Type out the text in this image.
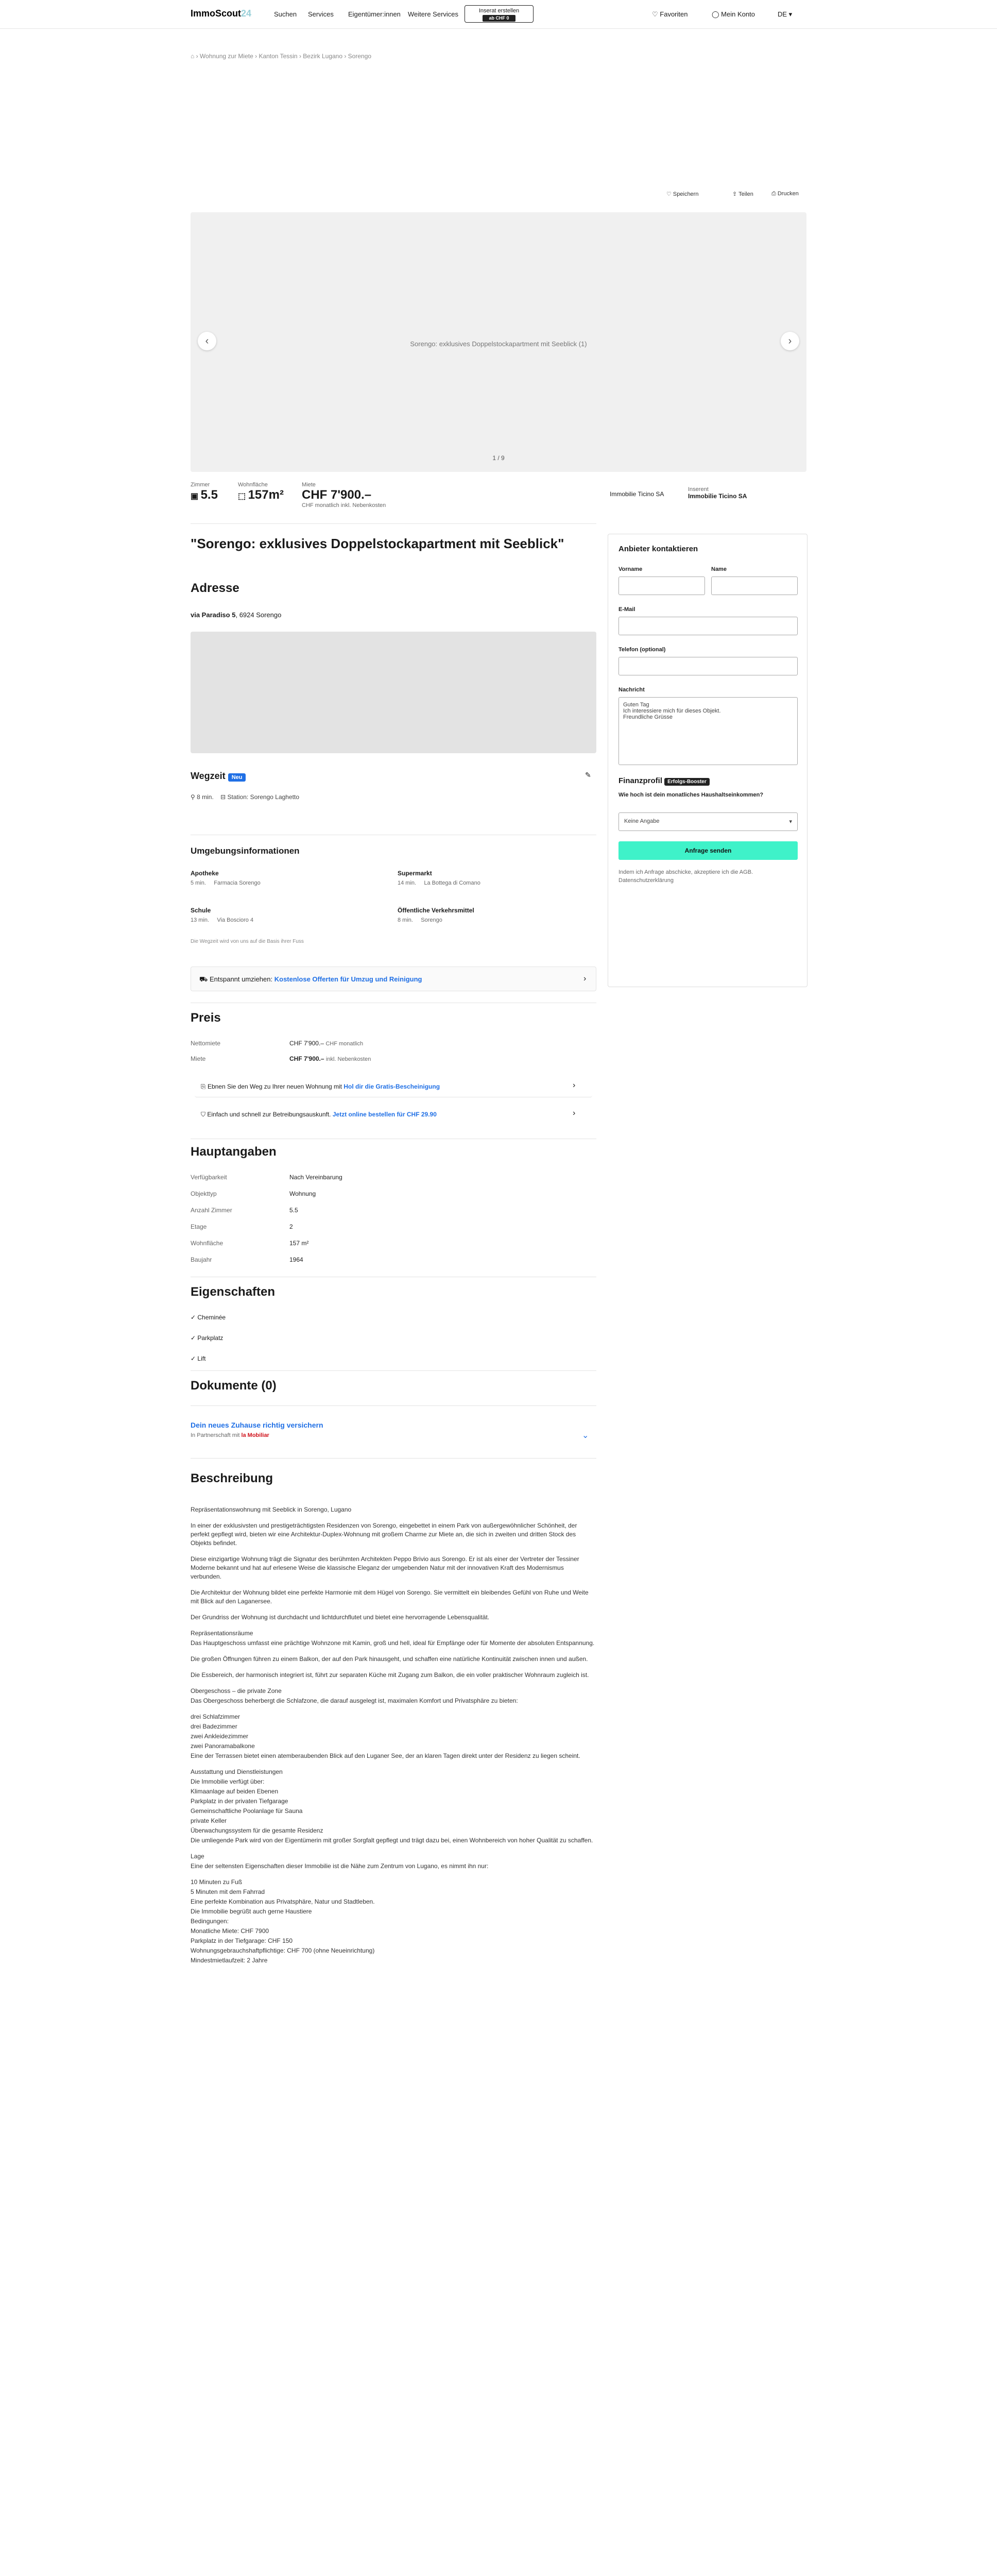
ImmoScout24	Suchen Services Eigentümer:innen Weitere Services	Inserat erstellen
ab CHF 0	♡ Favoriten	◯ Mein Konto	DE ▾
⌂ › Wohnung zur Miete › Kanton Tessin › Bezirk Lugano › Sorengo
♡ Speichern	⇪ Teilen	⎙ Drucken
Sorengo: exklusives Doppelstockapartment mit Seeblick (1)
‹	›
1 / 9
Zimmer
▣ 5.5
Wohnfläche
⬚ 157m²
Miete
CHF 7'900.–
CHF monatlich inkl. Nebenkosten
"Sorengo: exklusives Doppelstockapartment mit Seeblick"
Adresse
via Paradiso 5, 6924 Sorengo
Wegzeit Neu	✎
⚲ 8 min. ⊟ Station: Sorengo Laghetto
Umgebungsinformationen
Apotheke
5 min. Farmacia Sorengo
Supermarkt
14 min. La Bottega di Comano
Schule
13 min. Via Boscioro 4
Öffentliche Verkehrsmittel
8 min. Sorengo
Die Wegzeit wird von uns auf die Basis ihrer Fuss
⛟ Entspannt umziehen: Kostenlose Offerten für Umzug und Reinigung	›
Preis
Nettomiete	CHF 7'900.– CHF monatlich
Miete	CHF 7'900.– inkl. Nebenkosten
⎘ Ebnen Sie den Weg zu Ihrer neuen Wohnung mit Hol dir die Gratis-Bescheinigung	›
⛉ Einfach und schnell zur Betreibungsauskunft. Jetzt online bestellen für CHF 29.90	›
Hauptangaben
Verfügbarkeit	Nach Vereinbarung
Objekttyp	Wohnung
Anzahl Zimmer	5.5
Etage	2
Wohnfläche	157 m²
Baujahr	1964
Eigenschaften
✓ Cheminée
✓ Parkplatz
✓ Lift
Dokumente (0)
Dein neues Zuhause richtig versichern
In Partnerschaft mit la Mobiliar	⌄
Beschreibung

Repräsentationswohnung mit Seeblick in Sorengo, Lugano

In einer der exklusivsten und prestigeträchtigsten Residenzen von Sorengo, eingebettet in einem Park von außergewöhnlicher Schönheit, der perfekt gepflegt wird, bieten wir eine Architektur-Duplex-Wohnung mit großem Charme zur Miete an, die sich in zweiten und dritten Stock des Objekts befindet.

Diese einzigartige Wohnung trägt die Signatur des berühmten Architekten Peppo Brivio aus Sorengo. Er ist als einer der Vertreter der Tessiner Moderne bekannt und hat auf erlesene Weise die klassische Eleganz der umgebenden Natur mit der innovativen Kraft des Modernismus verbunden.

Die Architektur der Wohnung bildet eine perfekte Harmonie mit dem Hügel von Sorengo. Sie vermittelt ein bleibendes Gefühl von Ruhe und Weite mit Blick auf den Laganersee.

Der Grundriss der Wohnung ist durchdacht und lichtdurchflutet und bietet eine hervorragende Lebensqualität.

Repräsentationsräume

Das Hauptgeschoss umfasst eine prächtige Wohnzone mit Kamin, groß und hell, ideal für Empfänge oder für Momente der absoluten Entspannung.

Die großen Öffnungen führen zu einem Balkon, der auf den Park hinausgeht, und schaffen eine natürliche Kontinuität zwischen innen und außen.

Die Essbereich, der harmonisch integriert ist, führt zur separaten Küche mit Zugang zum Balkon, die ein voller praktischer Wohnraum zugleich ist.

Obergeschoss – die private Zone

Das Obergeschoss beherbergt die Schlafzone, die darauf ausgelegt ist, maximalen Komfort und Privatsphäre zu bieten:

drei Schlafzimmer

drei Badezimmer

zwei Ankleidezimmer

zwei Panoramabalkone

Eine der Terrassen bietet einen atemberaubenden Blick auf den Luganer See, der an klaren Tagen direkt unter der Residenz zu liegen scheint.

Ausstattung und Dienstleistungen

Die Immobilie verfügt über:

Klimaanlage auf beiden Ebenen

Parkplatz in der privaten Tiefgarage

Gemeinschaftliche Poolanlage für Sauna

private Keller

Überwachungssystem für die gesamte Residenz

Die umliegende Park wird von der Eigentümerin mit großer Sorgfalt gepflegt und trägt dazu bei, einen Wohnbereich von hoher Qualität zu schaffen.

Lage

Eine der seltensten Eigenschaften dieser Immobilie ist die Nähe zum Zentrum von Lugano, es nimmt ihn nur:

10 Minuten zu Fuß

5 Minuten mit dem Fahrrad

Eine perfekte Kombination aus Privatsphäre, Natur und Stadtleben.

Die Immobilie begrüßt auch gerne Haustiere

Bedingungen:

Monatliche Miete: CHF 7900

Parkplatz in der Tiefgarage: CHF 150

Wohnungsgebrauchshaftpflichtige: CHF 700 (ohne Neueinrichtung)

Mindestmietlaufzeit: 2 Jahre

Immobilie Ticino SA
Inserent
Immobilie Ticino SA
Anbieter kontaktieren
Vorname	Name
E-Mail
Telefon (optional)
Nachricht
Guten Tag
Ich interessiere mich für dieses Objekt.
Freundliche Grüsse
Finanzprofil Erfolgs-Booster
Wie hoch ist dein monatliches Haushaltseinkommen?
Keine Angabe	▾
Anfrage senden
Indem ich Anfrage abschicke, akzeptiere ich die AGB. Datenschutzerklärung
